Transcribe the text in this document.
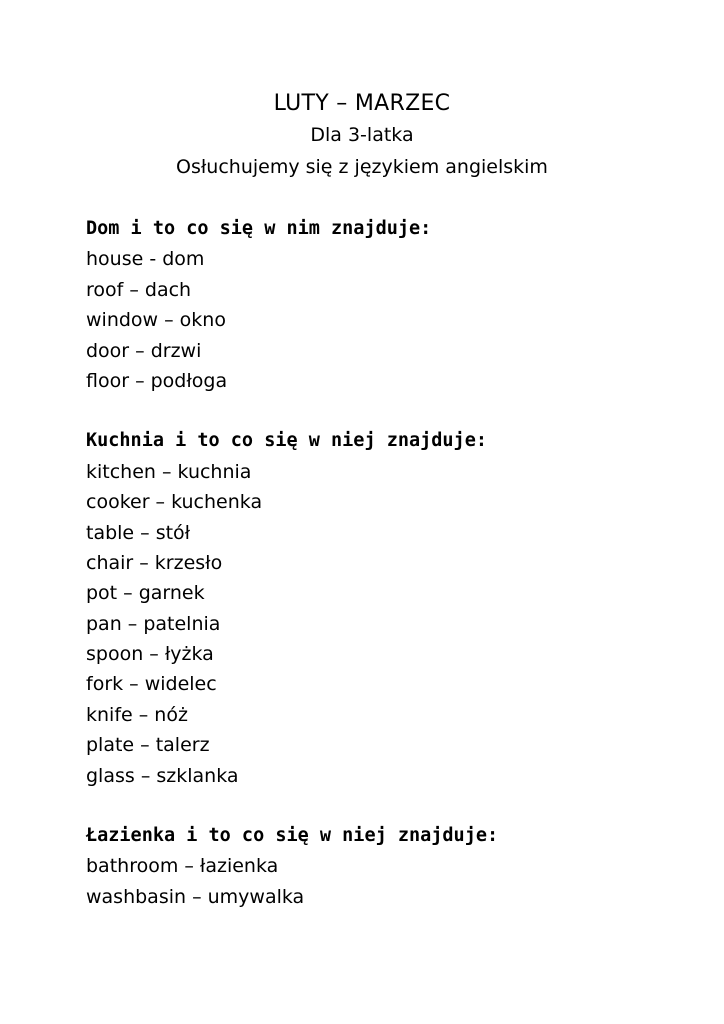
LUTY – MARZEC
Dla 3-latka
Osłuchujemy się z językiem angielskim
Dom i to co się w nim znajduje:
house - dom
roof – dach
window – okno
door – drzwi
floor – podłoga
Kuchnia i to co się w niej znajduje:
kitchen – kuchnia
cooker – kuchenka
table – stół
chair – krzesło
pot – garnek
pan – patelnia
spoon – łyżka
fork – widelec
knife – nóż
plate – talerz
glass – szklanka
Łazienka i to co się w niej znajduje:
bathroom – łazienka
washbasin – umywalka
